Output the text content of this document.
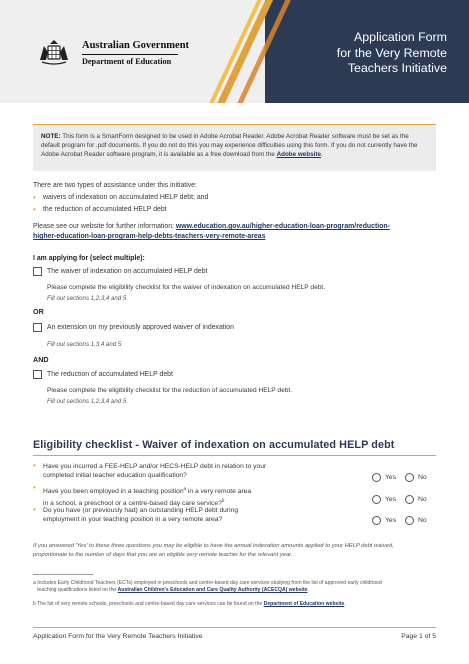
Australian Government
Department of Education
Application Form
for the Very Remote
Teachers Initiative
NOTE: This form is a SmartForm designed to be used in Adobe Acrobat Reader. Adobe Acrobat Reader software must be set as the default program for .pdf documents. If you do not do this you may experience difficulties using this form. If you do not currently have the Adobe Acrobat Reader software program, it is available as a free download from the Adobe website.
There are two types of assistance under this initiative:
• waivers of indexation on accumulated HELP debt; and
• the reduction of accumulated HELP debt
Please see our website for further information: www.education.gov.au/higher-education-loan-program/reduction-
higher-education-loan-program-help-debts-teachers-very-remote-areas
I am applying for (select multiple):
The waiver of indexation on accumulated HELP debt
Please complete the eligibility checklist for the waiver of indexation on accumulated HELP debt.
Fill out sections 1,2,3,4 and 5.
OR
An extension on my previously approved waiver of indexation
Fill out sections 1,3,4 and 5.
AND
The reduction of accumulated HELP debt
Please complete the eligibility checklist for the reduction of accumulated HELP debt.
Fill out sections 1,2,3,4 and 5.
Eligibility checklist - Waiver of indexation on accumulated HELP debt
• Have you incurred a FEE-HELP and/or HECS-HELP debt in relation to your
completed initial teacher education qualification?	Yes	No
• Have you been employed in a teaching position$^a$ in a very remote area
in a school, a preschool or a centre-based day care service?$^b$	Yes	No
• Do you have (or previously had) an outstanding HELP debt during
employment in your teaching position in a very remote area?	Yes	No
If you answered 'Yes' to these three questions you may be eligible to have the annual indexation amounts applied to your HELP debt waived,
proportionate to the number of days that you are an eligible very remote teacher for the relevant year.
a Includes Early Childhood Teachers (ECTs) employed in preschools and centre-based day care services studying from the list of approved early childhood
teaching qualifications listed on the Australian Children's Education and Care Quality Authority (ACECQA) website.
b The list of very remote schools, preschools and centre-based day care services can be found on the Department of Education website.
Application Form for the Very Remote Teachers Initiative	Page 1 of 5
